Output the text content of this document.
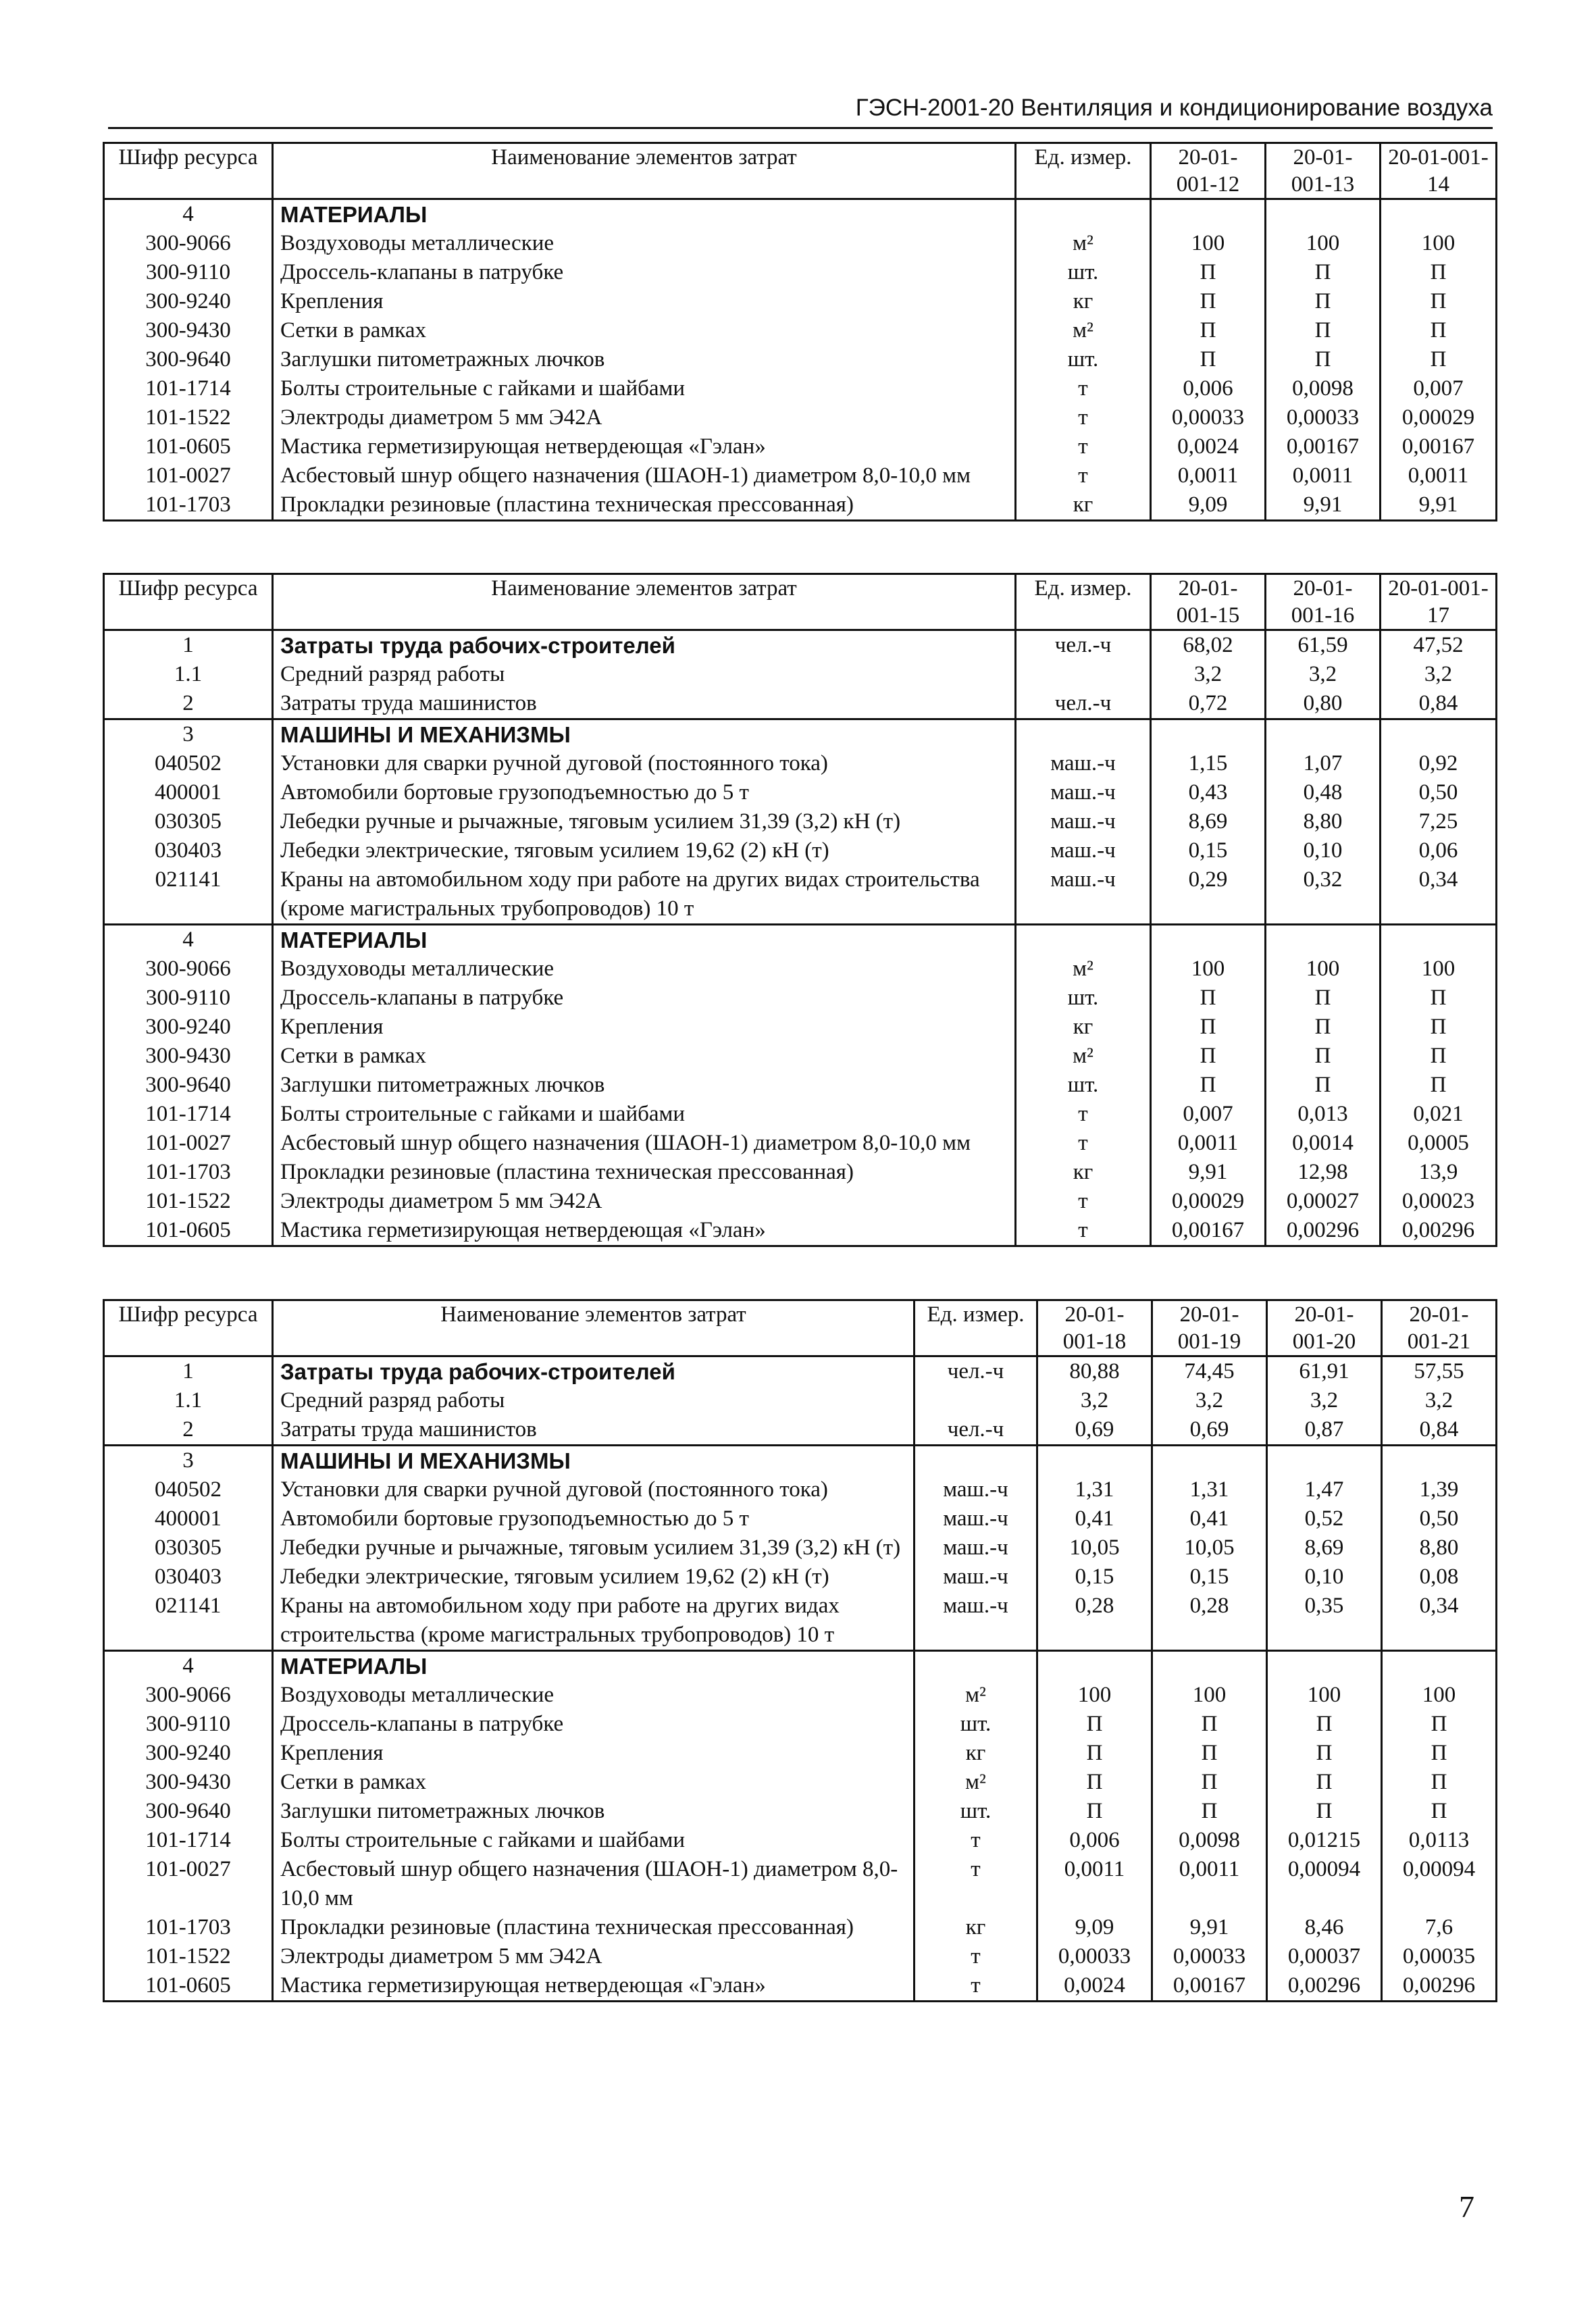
ГЭСН-2001-20 Вентиляция и кондиционирование воздуха
Шифр ресурса	Наименование элементов затрат	Ед. измер.	20-01-001-12	20-01-001-13	20-01-001-14
4	МАТЕРИАЛЫ				
300-9066	Воздуховоды металлические	м²	100	100	100
300-9110	Дроссель-клапаны в патрубке	шт.	П	П	П
300-9240	Крепления	кг	П	П	П
300-9430	Сетки в рамках	м²	П	П	П
300-9640	Заглушки питометражных лючков	шт.	П	П	П
101-1714	Болты строительные с гайками и шайбами	т	0,006	0,0098	0,007
101-1522	Электроды диаметром 5 мм Э42А	т	0,00033	0,00033	0,00029
101-0605	Мастика герметизирующая нетвердеющая «Гэлан»	т	0,0024	0,00167	0,00167
101-0027	Асбестовый шнур общего назначения (ШАОН-1) диаметром 8,0-10,0 мм	т	0,0011	0,0011	0,0011
101-1703	Прокладки резиновые (пластина техническая прессованная)	кг	9,09	9,91	9,91
Шифр ресурса	Наименование элементов затрат	Ед. измер.	20-01-001-15	20-01-001-16	20-01-001-17
1	Затраты труда рабочих-строителей	чел.-ч	68,02	61,59	47,52
1.1	Средний разряд работы		3,2	3,2	3,2
2	Затраты труда машинистов	чел.-ч	0,72	0,80	0,84
3	МАШИНЫ И МЕХАНИЗМЫ				
040502	Установки для сварки ручной дуговой (постоянного тока)	маш.-ч	1,15	1,07	0,92
400001	Автомобили бортовые грузоподъемностью до 5 т	маш.-ч	0,43	0,48	0,50
030305	Лебедки ручные и рычажные, тяговым усилием 31,39 (3,2) кН (т)	маш.-ч	8,69	8,80	7,25
030403	Лебедки электрические, тяговым усилием 19,62 (2) кН (т)	маш.-ч	0,15	0,10	0,06
021141	Краны на автомобильном ходу при работе на других видах строительства (кроме магистральных трубопроводов) 10 т	маш.-ч	0,29	0,32	0,34
4	МАТЕРИАЛЫ				
300-9066	Воздуховоды металлические	м²	100	100	100
300-9110	Дроссель-клапаны в патрубке	шт.	П	П	П
300-9240	Крепления	кг	П	П	П
300-9430	Сетки в рамках	м²	П	П	П
300-9640	Заглушки питометражных лючков	шт.	П	П	П
101-1714	Болты строительные с гайками и шайбами	т	0,007	0,013	0,021
101-0027	Асбестовый шнур общего назначения (ШАОН-1) диаметром 8,0-10,0 мм	т	0,0011	0,0014	0,0005
101-1703	Прокладки резиновые (пластина техническая прессованная)	кг	9,91	12,98	13,9
101-1522	Электроды диаметром 5 мм Э42А	т	0,00029	0,00027	0,00023
101-0605	Мастика герметизирующая нетвердеющая «Гэлан»	т	0,00167	0,00296	0,00296
Шифр ресурса	Наименование элементов затрат	Ед. измер.	20-01-001-18	20-01-001-19	20-01-001-20	20-01-001-21
1	Затраты труда рабочих-строителей	чел.-ч	80,88	74,45	61,91	57,55
1.1	Средний разряд работы		3,2	3,2	3,2	3,2
2	Затраты труда машинистов	чел.-ч	0,69	0,69	0,87	0,84
3	МАШИНЫ И МЕХАНИЗМЫ					
040502	Установки для сварки ручной дуговой (постоянного тока)	маш.-ч	1,31	1,31	1,47	1,39
400001	Автомобили бортовые грузоподъемностью до 5 т	маш.-ч	0,41	0,41	0,52	0,50
030305	Лебедки ручные и рычажные, тяговым усилием 31,39 (3,2) кН (т)	маш.-ч	10,05	10,05	8,69	8,80
030403	Лебедки электрические, тяговым усилием 19,62 (2) кН (т)	маш.-ч	0,15	0,15	0,10	0,08
021141	Краны на автомобильном ходу при работе на других видах строительства (кроме магистральных трубопроводов) 10 т	маш.-ч	0,28	0,28	0,35	0,34
4	МАТЕРИАЛЫ					
300-9066	Воздуховоды металлические	м²	100	100	100	100
300-9110	Дроссель-клапаны в патрубке	шт.	П	П	П	П
300-9240	Крепления	кг	П	П	П	П
300-9430	Сетки в рамках	м²	П	П	П	П
300-9640	Заглушки питометражных лючков	шт.	П	П	П	П
101-1714	Болты строительные с гайками и шайбами	т	0,006	0,0098	0,01215	0,0113
101-0027	Асбестовый шнур общего назначения (ШАОН-1) диаметром 8,0-10,0 мм	т	0,0011	0,0011	0,00094	0,00094
101-1703	Прокладки резиновые (пластина техническая прессованная)	кг	9,09	9,91	8,46	7,6
101-1522	Электроды диаметром 5 мм Э42А	т	0,00033	0,00033	0,00037	0,00035
101-0605	Мастика герметизирующая нетвердеющая «Гэлан»	т	0,0024	0,00167	0,00296	0,00296
7
